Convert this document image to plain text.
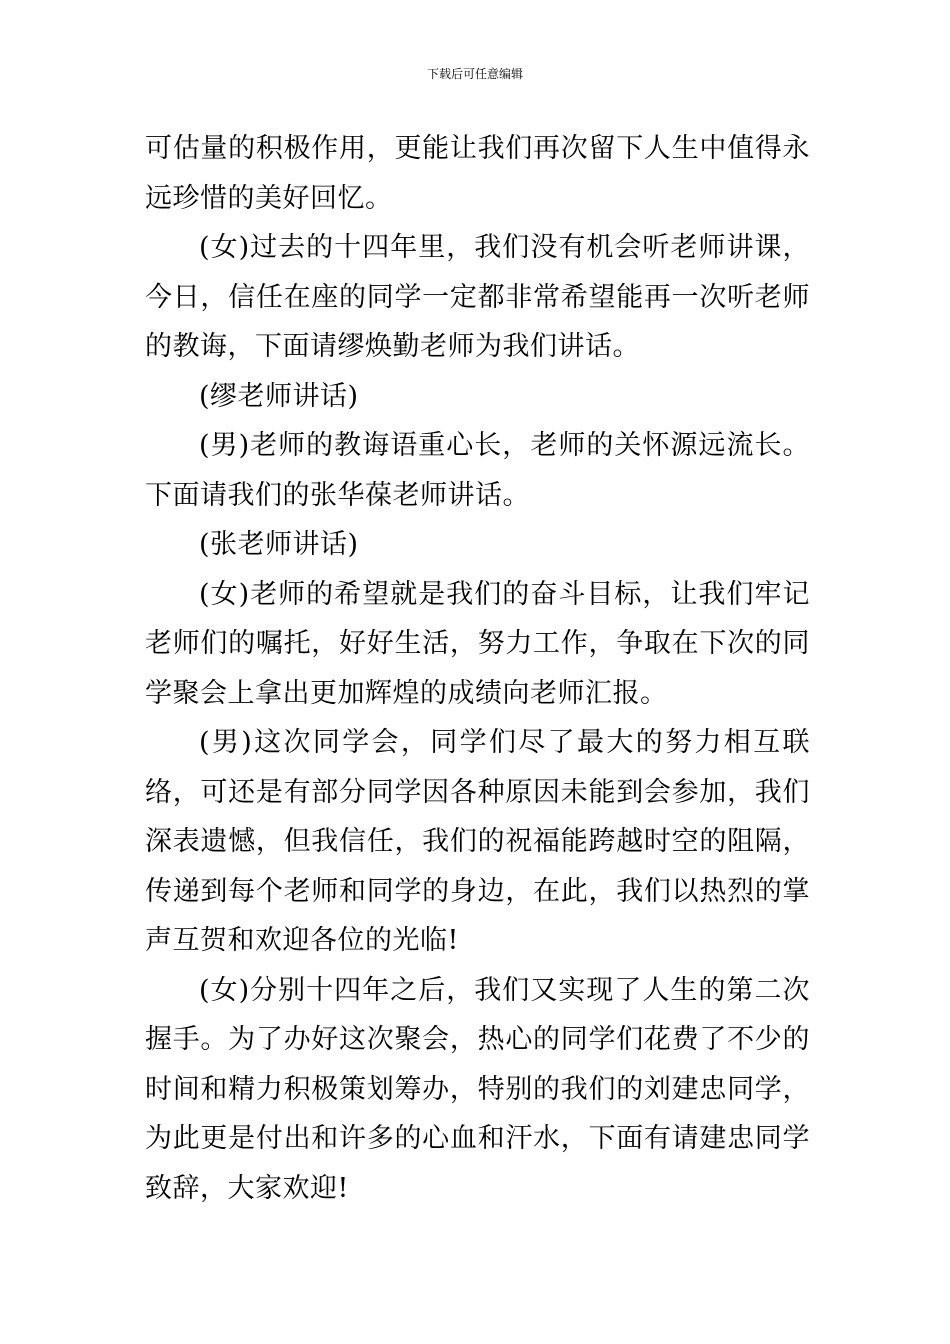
下载后可任意编辑

可估量的积极作用，更能让我们再次留下人生中值得永远珍惜的美好回忆。

(女)过去的十四年里，我们没有机会听老师讲课，今日，信任在座的同学一定都非常希望能再一次听老师的教诲，下面请缪焕勤老师为我们讲话。

(缪老师讲话)

(男)老师的教诲语重心长，老师的关怀源远流长。下面请我们的张华葆老师讲话。

(张老师讲话)

(女)老师的希望就是我们的奋斗目标，让我们牢记老师们的嘱托，好好生活，努力工作，争取在下次的同学聚会上拿出更加辉煌的成绩向老师汇报。

(男)这次同学会，同学们尽了最大的努力相互联络，可还是有部分同学因各种原因未能到会参加，我们深表遗憾，但我信任，我们的祝福能跨越时空的阻隔，传递到每个老师和同学的身边，在此，我们以热烈的掌声互贺和欢迎各位的光临!

(女)分别十四年之后，我们又实现了人生的第二次握手。为了办好这次聚会，热心的同学们花费了不少的时间和精力积极策划筹办，特别的我们的刘建忠同学，为此更是付出和许多的心血和汗水，下面有请建忠同学致辞，大家欢迎!
